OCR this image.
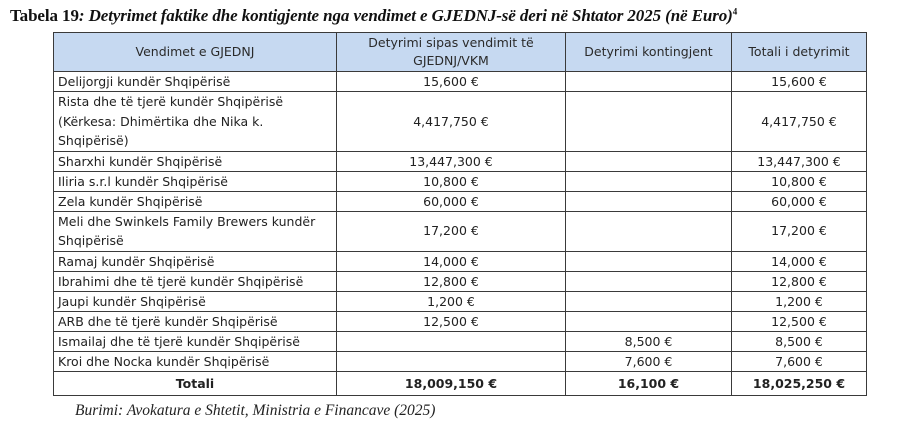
Tabela 19: Detyrimet faktike dhe kontigjente nga vendimet e GJEDNJ-së deri në Shtator 2025 (në Euro)$^4$
Vendimet e GJEDNJ	Detyrimi sipas vendimit të GJEDNJ/VKM	Detyrimi kontingjent	Totali i detyrimit
Delijorgji kundër Shqipërisë	15,600 €		15,600 €
Rista dhe të tjerë kundër Shqipërisë (Kërkesa: Dhimërtika dhe Nika k. Shqipërisë)	4,417,750 €		4,417,750 €
Sharxhi kundër Shqipërisë	13,447,300 €		13,447,300 €
Iliria s.r.l kundër Shqipërisë	10,800 €		10,800 €
Zela kundër Shqipërisë	60,000 €		60,000 €
Meli dhe Swinkels Family Brewers kundër Shqipërisë	17,200 €		17,200 €
Ramaj kundër Shqipërisë	14,000 €		14,000 €
Ibrahimi dhe të tjerë kundër Shqipërisë	12,800 €		12,800 €
Jaupi kundër Shqipërisë	1,200 €		1,200 €
ARB dhe të tjerë kundër Shqipërisë	12,500 €		12,500 €
Ismailaj dhe të tjerë kundër Shqipërisë		8,500 €	8,500 €
Kroi dhe Nocka kundër Shqipërisë		7,600 €	7,600 €
Totali	18,009,150 €	16,100 €	18,025,250 €
Burimi: Avokatura e Shtetit, Ministria e Financave (2025)
